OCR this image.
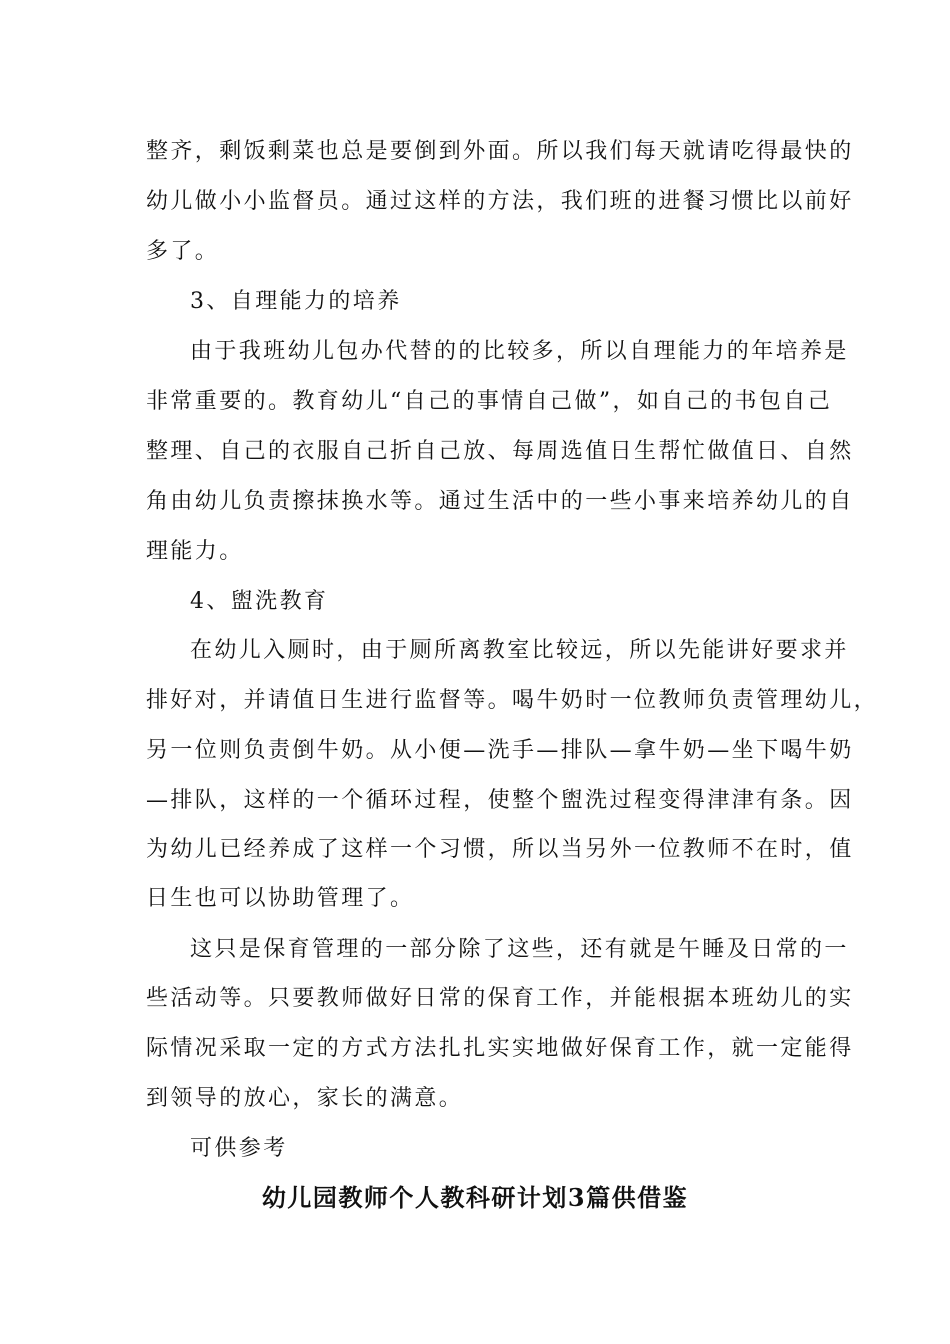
整齐，剩饭剩菜也总是要倒到外面。所以我们每天就请吃得最快的
幼儿做小小监督员。通过这样的方法，我们班的进餐习惯比以前好
多了。
3、自理能力的培养
由于我班幼儿包办代替的的比较多，所以自理能力的年培养是
非常重要的。教育幼儿“自己的事情自己做”，如自己的书包自己
整理、自己的衣服自己折自己放、每周选值日生帮忙做值日、自然
角由幼儿负责擦抹换水等。通过生活中的一些小事来培养幼儿的自
理能力。
4、盥洗教育
在幼儿入厕时，由于厕所离教室比较远，所以先能讲好要求并
排好对，并请值日生进行监督等。喝牛奶时一位教师负责管理幼儿，
另一位则负责倒牛奶。从小便—洗手—排队—拿牛奶—坐下喝牛奶
—排队，这样的一个循环过程，使整个盥洗过程变得津津有条。因
为幼儿已经养成了这样一个习惯，所以当另外一位教师不在时，值
日生也可以协助管理了。
这只是保育管理的一部分除了这些，还有就是午睡及日常的一
些活动等。只要教师做好日常的保育工作，并能根据本班幼儿的实
际情况采取一定的方式方法扎扎实实地做好保育工作，就一定能得
到领导的放心，家长的满意。
可供参考
幼儿园教师个人教科研计划3篇供借鉴
